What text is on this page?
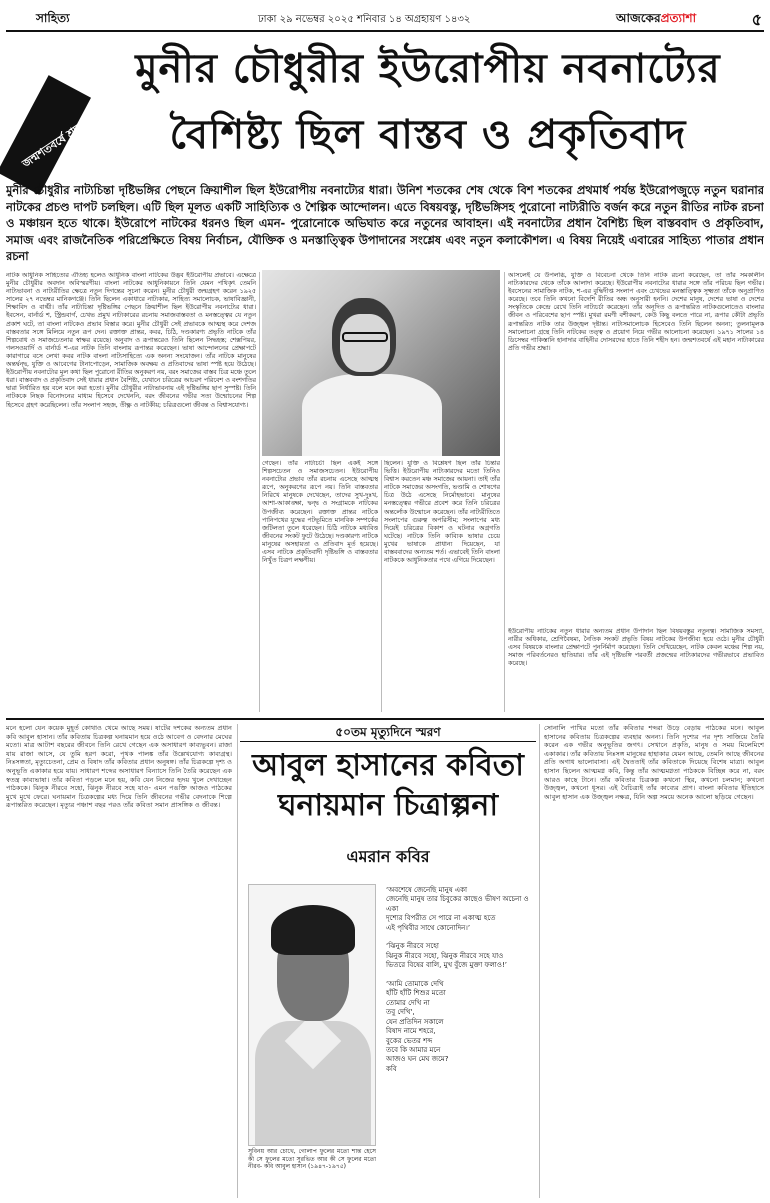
সাহিত্য	ঢাকা ২৯ নভেম্বর ২০২৫ শনিবার ১৪ অগ্রহায়ণ ১৪৩২	আজকেরপ্রত্যাশা	৫
জন্মশতবর্ষে শ্রদ্ধা
মুনীর চৌধুরীর ইউরোপীয় নবনাট্যের বৈশিষ্ট্য ছিল বাস্তব ও প্রকৃতিবাদ
মুনীর চৌধুরীর নাট্যচিন্তা দৃষ্টিভঙ্গির পেছনে ক্রিয়াশীল ছিল ইউরোপীয় নবনাট্যের ধারা। উনিশ শতকের শেষ থেকে বিশ শতকের প্রথমার্ধ পর্যন্ত ইউরোপজুড়ে নতুন ঘরানার নাটকের প্রচণ্ড দাপট চলছিল। এটি ছিল মূলত একটি সাহিত্যিক ও শৈল্পিক আন্দোলন। এতে বিষয়বস্তু, দৃষ্টিভঙ্গিসহ পুরোনো নাট্যরীতি বর্জন করে নতুন রীতির নাটক রচনা ও মঞ্চায়ন হতে থাকে। ইউরোপে নাটকের ধরনও ছিল এমন- পুরোনোকে অভিঘাত করে নতুনের আবাহন। এই নবনাট্যের প্রধান বৈশিষ্ট্য ছিল বাস্তববাদ ও প্রকৃতিবাদ, সমাজ এবং রাজনৈতিক পরিপ্রেক্ষিতে বিষয় নির্বাচন, যৌক্তিক ও মনস্তাত্ত্বিক উপাদানের সংশ্লেষ এবং নতুন কলাকৌশল। এ বিষয় নিয়েই এবারের সাহিত্য পাতার প্রধান রচনা
নাটক আধুনিক সাহিত্যের ঐতিহ্য হলেও আধুনিক বাংলা নাটকের উদ্ভব ইউরোপীয় প্রভাবে। এক্ষেত্রে মুনীর চৌধুরীর অবদান অবিস্মরণীয়। বাংলা নাটকের আধুনিকায়নে তিনি যেমন পথিকৃৎ তেমনি নাট্যভাবনা ও নাট্যরীতির ক্ষেত্রে নতুন দিগন্তের সূচনা করেন। মুনীর চৌধুরী জন্মগ্রহণ করেন ১৯২৫ সালের ২৭ নভেম্বর মানিকগঞ্জে। তিনি ছিলেন একাধারে নাট্যকার, সাহিত্য সমালোচক, ভাষাবিজ্ঞানী, শিক্ষাবিদ ও বাগ্মী। তাঁর নাট্যচিন্তা দৃষ্টিভঙ্গির পেছনে ক্রিয়াশীল ছিল ইউরোপীয় নবনাট্যের ধারা। ইবসেন, বার্নার্ড শ, স্ট্রিন্ডবার্গ, চেখভ প্রমুখ নাট্যকারের রচনায় সমাজবাস্তবতা ও মনস্তত্ত্বের যে নতুন প্রকাশ ঘটে, তা বাংলা নাটকেও প্রভাব বিস্তার করে। মুনীর চৌধুরী সেই প্রভাবকে আত্মস্থ করে দেশজ বাস্তবতার সঙ্গে মিলিয়ে নতুন রূপ দেন। রক্তাক্ত প্রান্তর, কবর, চিঠি, দণ্ডকারণ্য প্রভৃতি নাটকে তাঁর শিল্পবোধ ও সমাজচেতনার স্বাক্ষর রয়েছে। অনুবাদ ও রূপান্তরেও তিনি ছিলেন সিদ্ধহস্ত; শেক্সপিয়র, গলসওয়ার্দি ও বার্নার্ড শ-এর নাটক তিনি বাংলায় রূপান্তর করেছেন। ভাষা আন্দোলনের প্রেক্ষাপটে কারাগারে বসে লেখা কবর নাটক বাংলা নাট্যসাহিত্যে এক অনন্য সংযোজন। তাঁর নাটকে মানুষের অন্তর্দ্বন্দ্ব, যুক্তি ও আবেগের টানাপোড়েন, সামাজিক অবক্ষয় ও প্রতিবাদের ভাষা স্পষ্ট হয়ে উঠেছে। ইউরোপীয় নবনাট্যের মূল কথা ছিল পুরোনো রীতির অনুকরণ নয়, বরং সমাজের বাস্তব চিত্র মঞ্চে তুলে ধরা। বাস্তববাদ ও প্রকৃতিবাদ সেই ধারার প্রধান বৈশিষ্ট্য, যেখানে চরিত্রের আচরণ পরিবেশ ও বংশগতির দ্বারা নির্ধারিত হয় বলে মনে করা হতো। মুনীর চৌধুরীর নাট্যভাবনায় এই দৃষ্টিভঙ্গির ছাপ সুস্পষ্ট। তিনি নাটককে নিছক বিনোদনের মাধ্যম হিসেবে দেখেননি, বরং জীবনের গভীর সত্য উন্মোচনের শিল্প হিসেবে গ্রহণ করেছিলেন। তাঁর সংলাপ সহজ, তীক্ষ্ণ ও নাটকীয়; চরিত্রগুলো জীবন্ত ও বিশ্বাসযোগ্য।
গেছেন। তাঁর নাট্যচর্চা ছিল একই সঙ্গে শিল্পসচেতন ও সমাজসচেতন। ইউরোপীয় নবনাট্যের প্রভাব তাঁর রচনায় এসেছে আত্মস্থ রূপে, অনুকরণের রূপে নয়। তিনি বাস্তবতার নিরিখে মানুষকে দেখেছেন, তাদের সুখ-দুঃখ, আশা-আকাঙ্ক্ষা, দ্বন্দ্ব ও সংগ্রামকে নাটকের উপজীব্য করেছেন। রক্তাক্ত প্রান্তর নাটকে পানিপথের যুদ্ধের পটভূমিতে মানবিক সম্পর্কের জটিলতা তুলে ধরেছেন। চিঠি নাটকে মধ্যবিত্ত জীবনের সংকট ফুটে উঠেছে। দণ্ডকারণ্য নাটকে মানুষের অসহায়তা ও প্রতিবাদ মূর্ত হয়েছে। এসব নাটকে প্রকৃতিবাদী দৃষ্টিভঙ্গি ও বাস্তবতার নিখুঁত চিত্রণ লক্ষণীয়।
ছিলেন। যুক্তি ও বিশ্লেষণ ছিল তাঁর চিন্তার ভিত্তি। ইউরোপীয় নাট্যকারদের মতো তিনিও বিশ্বাস করতেন মঞ্চ সমাজের আয়না। তাই তাঁর নাটকে সমাজের অসংগতি, ভণ্ডামি ও শোষণের চিত্র উঠে এসেছে নির্মোহভাবে। মানুষের মনস্তত্ত্বের গভীরে প্রবেশ করে তিনি চরিত্রের অন্তর্লোক উন্মোচন করেছেন। তাঁর নাট্যরীতিতে সংলাপের গুরুত্ব অপরিসীম; সংলাপের মধ্য দিয়েই চরিত্রের বিকাশ ও ঘটনার অগ্রগতি ঘটেছে। নাটকে তিনি কাব্যিক ভাষার চেয়ে মুখের ভাষাকে প্রাধান্য দিয়েছেন, যা বাস্তববাদের অন্যতম শর্ত। এভাবেই তিনি বাংলা নাটককে আধুনিকতার পথে এগিয়ে দিয়েছেন।
আসলেই যে উপলব্ধি, যুক্তি ও বিবেচনা থেকে তিনি নাটক রচনা করেছেন, তা তাঁর সমকালীন নাট্যকারদের থেকে তাঁকে আলাদা করেছে। ইউরোপীয় নবনাট্যের ধারার সঙ্গে তাঁর পরিচয় ছিল গভীর। ইবসেনের সামাজিক নাটক, শ-এর বুদ্ধিদীপ্ত সংলাপ এবং চেখভের মনস্তাত্ত্বিক সূক্ষ্মতা তাঁকে অনুপ্রাণিত করেছে। তবে তিনি কখনো বিদেশি রীতির অন্ধ অনুসারী হননি। দেশের মানুষ, দেশের ভাষা ও দেশের সংস্কৃতিকে কেন্দ্রে রেখে তিনি নাট্যচর্চা করেছেন। তাঁর অনূদিত ও রূপান্তরিত নাটকগুলোতেও বাংলার জীবন ও পরিবেশের ছাপ স্পষ্ট। মুখরা রমণী বশীকরণ, কেউ কিছু বলতে পারে না, রূপার কৌটা প্রভৃতি রূপান্তরিত নাটক তার উজ্জ্বল দৃষ্টান্ত। নাট্যসমালোচক হিসেবেও তিনি ছিলেন অনন্য; তুলনামূলক সমালোচনা গ্রন্থে তিনি নাটকের তত্ত্ব ও প্রয়োগ নিয়ে গভীর আলোচনা করেছেন। ১৯৭১ সালের ১৪ ডিসেম্বর পাকিস্তানি হানাদার বাহিনীর দোসরদের হাতে তিনি শহীদ হন। জন্মশতবর্ষে এই মহান নাট্যকারের প্রতি গভীর শ্রদ্ধা।
ইউরোপীয় নাটকের নতুন ধারার অন্যতম প্রধান উপাদান ছিল বিষয়বস্তুর নতুনত্ব। সামাজিক সমস্যা, নারীর অধিকার, শ্রেণিবৈষম্য, নৈতিক সংকট প্রভৃতি বিষয় নাটকের উপজীব্য হয়ে ওঠে। মুনীর চৌধুরী এসব বিষয়কে বাংলার প্রেক্ষাপটে পুনর্নির্মাণ করেছেন। তিনি দেখিয়েছেন, নাটক কেবল মঞ্চের শিল্প নয়, সমাজ পরিবর্তনেরও হাতিয়ার। তাঁর এই দৃষ্টিভঙ্গি পরবর্তী প্রজন্মের নাট্যকারদের গভীরভাবে প্রভাবিত করেছে।
মনে হলো যেন কয়েক মুহূর্ত কোথাও থেমে আছে সময়। ষাটের দশকের অন্যতম প্রধান কবি আবুল হাসান। তাঁর কবিতায় চিত্রকল্প ঘনায়মান হয়ে ওঠে আবেগ ও বেদনার মেঘের মতো। মাত্র আটাশ বছরের জীবনে তিনি রেখে গেছেন এক অসাধারণ কাব্যভুবন। রাজা যায় রাজা আসে, যে তুমি হরণ করো, পৃথক পালঙ্ক তাঁর উল্লেখযোগ্য কাব্যগ্রন্থ। নিঃসঙ্গতা, মৃত্যুচেতনা, প্রেম ও বিষাদ তাঁর কবিতার প্রধান অনুষঙ্গ। তাঁর চিত্রকল্পে দৃশ্য ও অনুভূতি একাকার হয়ে যায়। সাধারণ শব্দের অসাধারণ বিন্যাসে তিনি তৈরি করেছেন এক স্বতন্ত্র কাব্যভাষা। তাঁর কবিতা পড়লে মনে হয়, কবি যেন নিজের হৃদয় খুলে দেখাচ্ছেন পাঠককে। ঝিনুক নীরবে সহো, ঝিনুক নীরবে সহে যাও- এমন পঙক্তি আজও পাঠকের মুখে মুখে ফেরে। ঘনায়মান চিত্রকল্পের মধ্য দিয়ে তিনি জীবনের গভীর বেদনাকে শিল্পে রূপান্তরিত করেছেন। মৃত্যুর পঞ্চাশ বছর পরও তাঁর কবিতা সমান প্রাসঙ্গিক ও জীবন্ত।
৫০তম মৃত্যুদিনে স্মরণ
আবুল হাসানের কবিতা ঘনায়মান চিত্রাল্পনা
এমরান কবির
সুবিনয় আর চোখে, গোলাপ ফুলের মতো শান্ত হেসে কী সে ফুলের মতো সুরভিত আর কী সে ফুলের মতো নীরব- কবি আবুল হাসান (১৯৪৭-১৯৭৫)
‘অবশেষে জেনেছি মানুষ একা
জেনেছি মানুষ তার চিবুকের কাছেও ভীষণ অচেনা ও একা
দৃশ্যের বিপরীত সে পারে না একাত্ম হতে
এই পৃথিবীর সাথে কোনোদিন।’

‘ঝিনুক নীরবে সহো
ঝিনুক নীরবে সহো, ঝিনুক নীরবে সহে যাও
ভিতরে বিষের বালি, মুখ বুঁজে মুক্তা ফলাও!’

‘আমি তোমাকে দেখি
হাঁটি হাঁটি শিশুর মতো
তোমার দেখি না
তবু দেখি',
যেন প্রতিদিন সকালে
বিষাদ নামে শহরে,
বুকের ভেতর শব্দ
তবে কি আমার মনে
আজও ঘন মেঘ জমে?
কবি
সোনালি পাখির মতো তাঁর কবিতার শব্দরা উড়ে বেড়ায় পাঠকের মনে। আবুল হাসানের কবিতায় চিত্রকল্পের ব্যবহার অনন্য। তিনি দৃশ্যের পর দৃশ্য সাজিয়ে তৈরি করেন এক গভীর অনুভূতির জগৎ। সেখানে প্রকৃতি, মানুষ ও সময় মিলেমিশে একাকার। তাঁর কবিতায় নিঃসঙ্গ মানুষের হাহাকার যেমন আছে, তেমনি আছে জীবনের প্রতি অগাধ ভালোবাসা। এই দ্বৈততাই তাঁর কবিতাকে দিয়েছে বিশেষ মাত্রা। আবুল হাসান ছিলেন আত্মমগ্ন কবি, কিন্তু তাঁর আত্মমগ্নতা পাঠককে বিচ্ছিন্ন করে না, বরং আরও কাছে টানে। তাঁর কবিতার চিত্রকল্প কখনো স্থির, কখনো চলমান; কখনো উজ্জ্বল, কখনো ধূসর। এই বৈচিত্র্যই তাঁর কাব্যের প্রাণ। বাংলা কবিতার ইতিহাসে আবুল হাসান এক উজ্জ্বল নক্ষত্র, যিনি অল্প সময়ে অনেক আলো ছড়িয়ে গেছেন।
